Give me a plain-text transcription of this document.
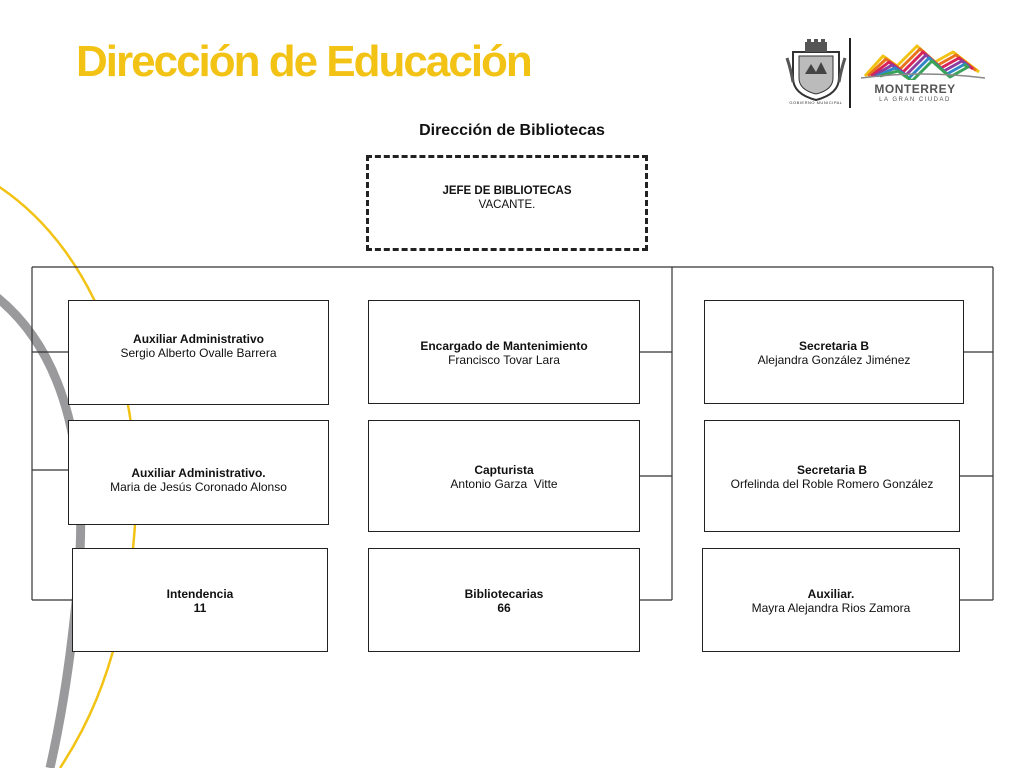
Dirección de Educación
GOBIERNO MUNICIPAL
MONTERREY
LA GRAN CIUDAD
Dirección de Bibliotecas
JEFE DE BIBLIOTECAS
VACANTE.
Auxiliar Administrativo
Sergio Alberto Ovalle Barrera
Auxiliar Administrativo.
Maria de Jesús Coronado Alonso
Intendencia
11
Encargado de Mantenimiento
Francisco Tovar Lara
Capturista
Antonio Garza  Vitte
Bibliotecarias
66
Secretaria B
Alejandra González Jiménez
Secretaria B
Orfelinda del Roble Romero González
Auxiliar.
Mayra Alejandra Rios Zamora
